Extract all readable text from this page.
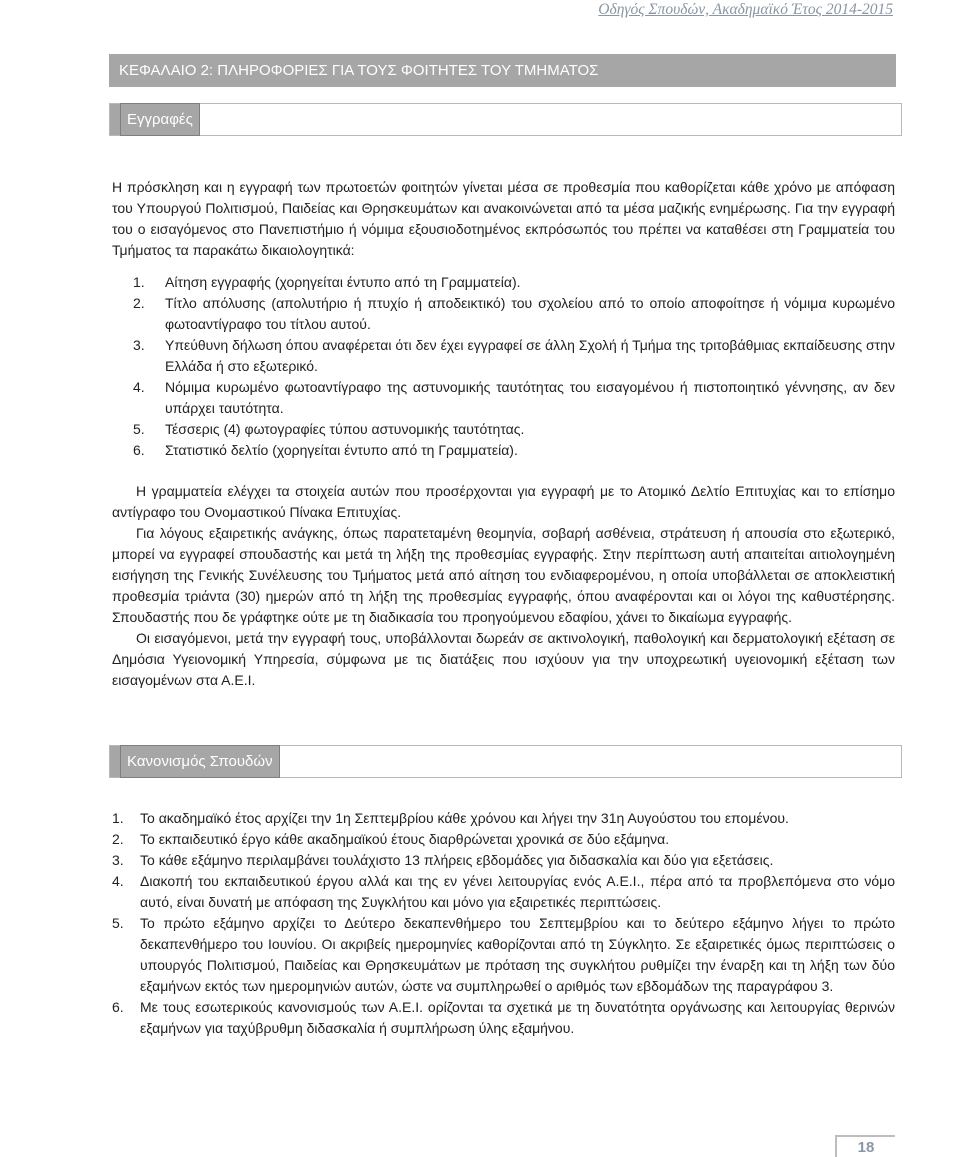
Οδηγός Σπουδών, Ακαδημαϊκό Έτος 2014-2015
ΚΕΦΑΛΑΙΟ 2: ΠΛΗΡΟΦΟΡΙΕΣ ΓΙΑ ΤΟΥΣ ΦΟΙΤΗΤΕΣ ΤΟΥ ΤΜΗΜΑΤΟΣ
Εγγραφές

Η πρόσκληση και η εγγραφή των πρωτοετών φοιτητών γίνεται μέσα σε προθεσμία που καθορίζεται κάθε χρόνο με απόφαση του Υπουργού Πολιτισμού, Παιδείας και Θρησκευμάτων και ανακοινώνεται από τα μέσα μαζικής ενημέρωσης. Για την εγγραφή του ο εισαγόμενος στο Πανεπιστήμιο ή νόμιμα εξουσιοδοτημένος εκπρόσωπός του πρέπει να καταθέσει στη Γραμματεία του Τμήματος τα παρακάτω δικαιολογητικά:

1.	Αίτηση εγγραφής (χορηγείται έντυπο από τη Γραμματεία).
2.	Τίτλο απόλυσης (απολυτήριο ή πτυχίο ή αποδεικτικό) του σχολείου από το οποίο αποφοίτησε ή νόμιμα κυρωμένο φωτοαντίγραφο του τίτλου αυτού.
3.	Υπεύθυνη δήλωση όπου αναφέρεται ότι δεν έχει εγγραφεί σε άλλη Σχολή ή Τμήμα της τριτοβάθμιας εκπαίδευσης στην Ελλάδα ή στο εξωτερικό.
4.	Νόμιμα κυρωμένο φωτοαντίγραφο της αστυνομικής ταυτότητας του εισαγομένου ή πιστοποιητικό γέννησης, αν δεν υπάρχει ταυτότητα.
5.	Τέσσερις (4) φωτογραφίες τύπου αστυνομικής ταυτότητας.
6.	Στατιστικό δελτίο (χορηγείται έντυπο από τη Γραμματεία).

Η γραμματεία ελέγχει τα στοιχεία αυτών που προσέρχονται για εγγραφή με το Ατομικό Δελτίο Επιτυχίας και το επίσημο αντίγραφο του Ονομαστικού Πίνακα Επιτυχίας.

Για λόγους εξαιρετικής ανάγκης, όπως παρατεταμένη θεομηνία, σοβαρή ασθένεια, στράτευση ή απουσία στο εξωτερικό, μπορεί να εγγραφεί σπουδαστής και μετά τη λήξη της προθεσμίας εγγραφής. Στην περίπτωση αυτή απαιτείται αιτιολογημένη εισήγηση της Γενικής Συνέλευσης του Τμήματος μετά από αίτηση του ενδιαφερομένου, η οποία υποβάλλεται σε αποκλειστική προθεσμία τριάντα (30) ημερών από τη λήξη της προθεσμίας εγγραφής, όπου αναφέρονται και οι λόγοι της καθυστέρησης. Σπουδαστής που δε γράφτηκε ούτε με τη διαδικασία του προηγούμενου εδαφίου, χάνει το δικαίωμα εγγραφής.

Οι εισαγόμενοι, μετά την εγγραφή τους, υποβάλλονται δωρεάν σε ακτινολογική, παθολογική και δερματολογική εξέταση σε Δημόσια Υγειονομική Υπηρεσία, σύμφωνα με τις διατάξεις που ισχύουν για την υποχρεωτική υγειονομική εξέταση των εισαγομένων στα Α.Ε.Ι.

Κανονισμός Σπουδών
1.	Το ακαδημαϊκό έτος αρχίζει την 1η Σεπτεμβρίου κάθε χρόνου και λήγει την 31η Αυγούστου του επομένου.
2.	Το εκπαιδευτικό έργο κάθε ακαδημαϊκού έτους διαρθρώνεται χρονικά σε δύο εξάμηνα.
3.	Το κάθε εξάμηνο περιλαμβάνει τουλάχιστο 13 πλήρεις εβδομάδες για διδασκαλία και δύο για εξετάσεις.
4.	Διακοπή του εκπαιδευτικού έργου αλλά και της εν γένει λειτουργίας ενός Α.Ε.Ι., πέρα από τα προβλεπόμενα στο νόμο αυτό, είναι δυνατή με απόφαση της Συγκλήτου και μόνο για εξαιρετικές περιπτώσεις.
5.	Το πρώτο εξάμηνο αρχίζει το Δεύτερο δεκαπενθήμερο του Σεπτεμβρίου και το δεύτερο εξάμηνο λήγει το πρώτο δεκαπενθήμερο του Ιουνίου. Οι ακριβείς ημερομηνίες καθορίζονται από τη Σύγκλητο. Σε εξαιρετικές όμως περιπτώσεις ο υπουργός Πολιτισμού, Παιδείας και Θρησκευμάτων με πρόταση της συγκλήτου ρυθμίζει την έναρξη και τη λήξη των δύο εξαμήνων εκτός των ημερομηνιών αυτών, ώστε να συμπληρωθεί ο αριθμός των εβδομάδων της παραγράφου 3.
6.	Με τους εσωτερικούς κανονισμούς των Α.Ε.Ι. ορίζονται τα σχετικά με τη δυνατότητα οργάνωσης και λειτουργίας θερινών εξαμήνων για ταχύβρυθμη διδασκαλία ή συμπλήρωση ύλης εξαμήνου.
18
